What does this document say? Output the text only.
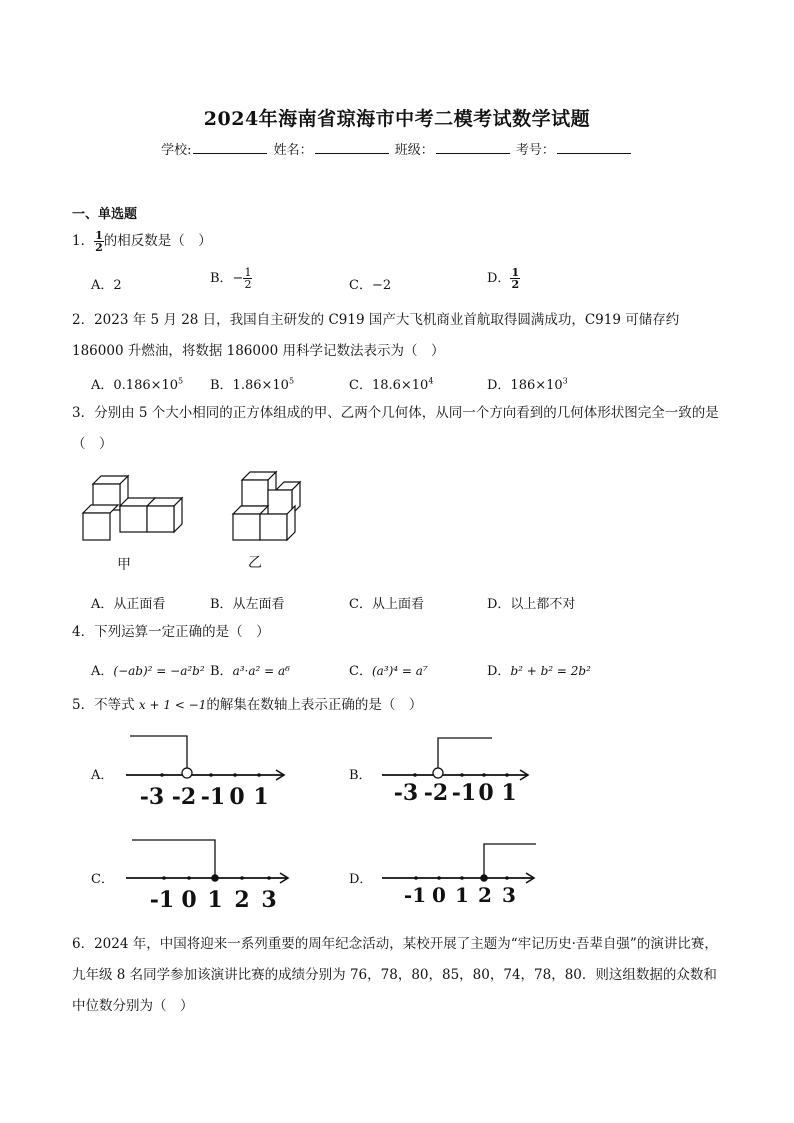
2024年海南省琼海市中考二模考试数学试题
学校:	姓名：	班级：	考号：
一、单选题
1． $\frac{1}{2}$ 的相反数是（　）
A．2	B．− $\frac{1}{2}$	C．−2	D． $\frac{1}{2}$
2．2023 年 5 月 28 日，我国自主研发的 C919 国产大飞机商业首航取得圆满成功，C919 可储存约 186000 升燃油，将数据 186000 用科学记数法表示为（　）
A．$0.186\times 10^5$ B．$1.86\times 10^5$	C．$18.6\times 10^4$	D．$186\times 10^3$
3．分别由 5 个大小相同的正方体组成的甲、乙两个几何体，从同一个方向看到的几何体形状图完全一致的是（　）
甲	乙
A．从正面看	B．从左面看	C．从上面看	D．以上都不对
4．下列运算一定正确的是（　）
A．(−ab)² = −a²b² B．a³·a² = a⁶	C．(a³)⁴ = a⁷	D．b² + b² = 2b²
5．不等式 x + 1 < −1的解集在数轴上表示正确的是（　）
A．
-3 -2 -1 0 1
B．
-3 -2 -1 0 1
C．
-1 0 1 2 3
D．
-1 0 1 2 3
6．2024 年，中国将迎来一系列重要的周年纪念活动，某校开展了主题为“牢记历史·吾辈自强”的演讲比赛，九年级 8 名同学参加该演讲比赛的成绩分别为 76，78，80，85，80，74，78，80．则这组数据的众数和中位数分别为（　）
